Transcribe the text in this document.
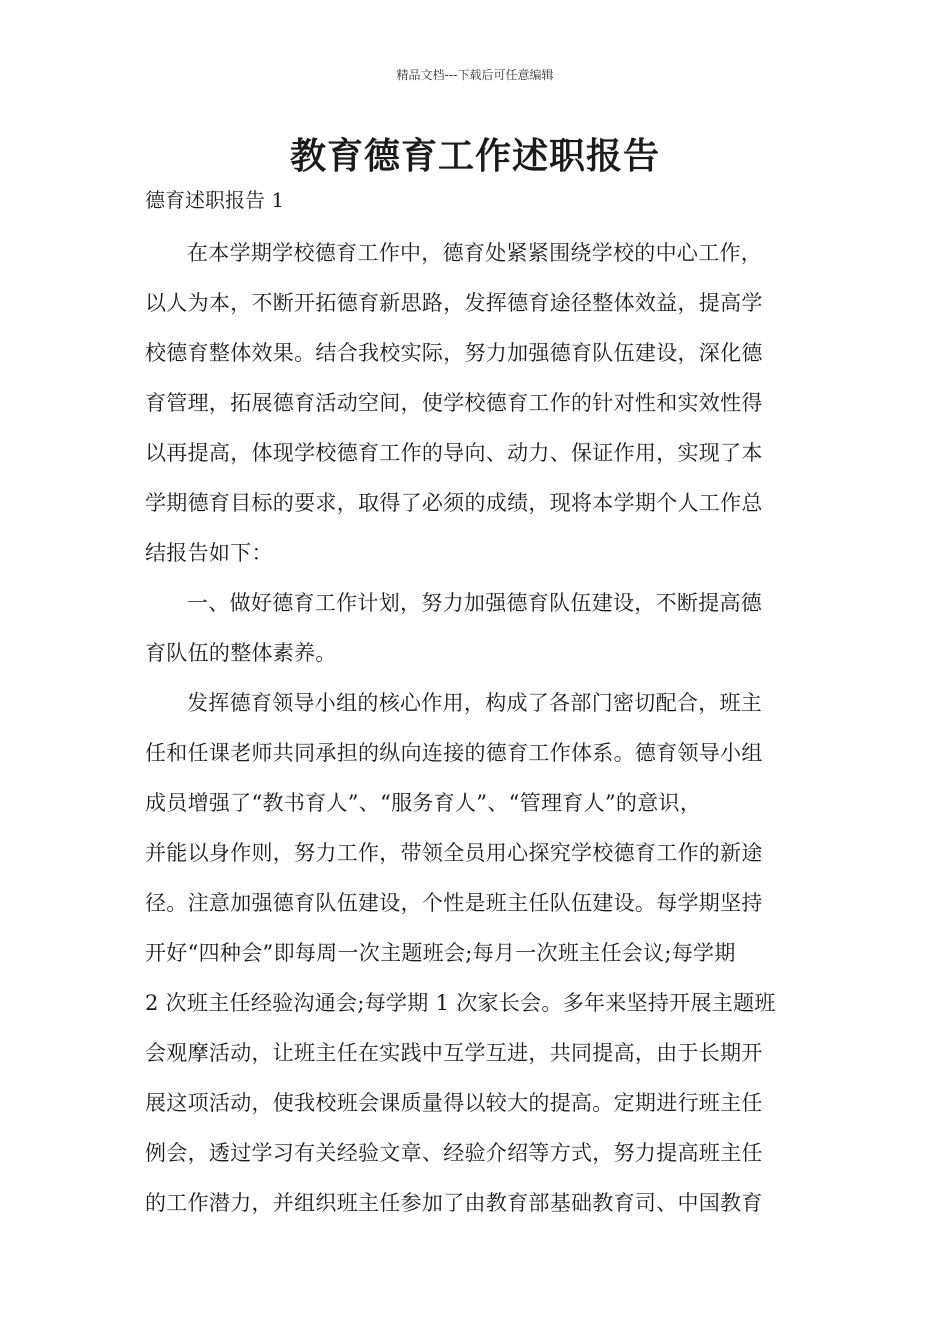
精品文档---下载后可任意编辑
教育德育工作述职报告
德育述职报告 1

在本学期学校德育工作中，德育处紧紧围绕学校的中心工作，

以人为本，不断开拓德育新思路，发挥德育途径整体效益，提高学
校德育整体效果。结合我校实际，努力加强德育队伍建设，深化德
育管理，拓展德育活动空间，使学校德育工作的针对性和实效性得
以再提高，体现学校德育工作的导向、动力、保证作用，实现了本
学期德育目标的要求，取得了必须的成绩，现将本学期个人工作总
结报告如下：

一、做好德育工作计划，努力加强德育队伍建设，不断提高德

育队伍的整体素养。

发挥德育领导小组的核心作用，构成了各部门密切配合，班主

任和任课老师共同承担的纵向连接的德育工作体系。德育领导小组
成员增强了“教书育人”、“服务育人”、“管理育人”的意识，
并能以身作则，努力工作，带领全员用心探究学校德育工作的新途
径。注意加强德育队伍建设，个性是班主任队伍建设。每学期坚持
开好“四种会”即每周一次主题班会;每月一次班主任会议;每学期
2 次班主任经验沟通会;每学期 1 次家长会。多年来坚持开展主题班
会观摩活动，让班主任在实践中互学互进，共同提高，由于长期开
展这项活动，使我校班会课质量得以较大的提高。定期进行班主任
例会，透过学习有关经验文章、经验介绍等方式，努力提高班主任
的工作潜力，并组织班主任参加了由教育部基础教育司、中国教育
